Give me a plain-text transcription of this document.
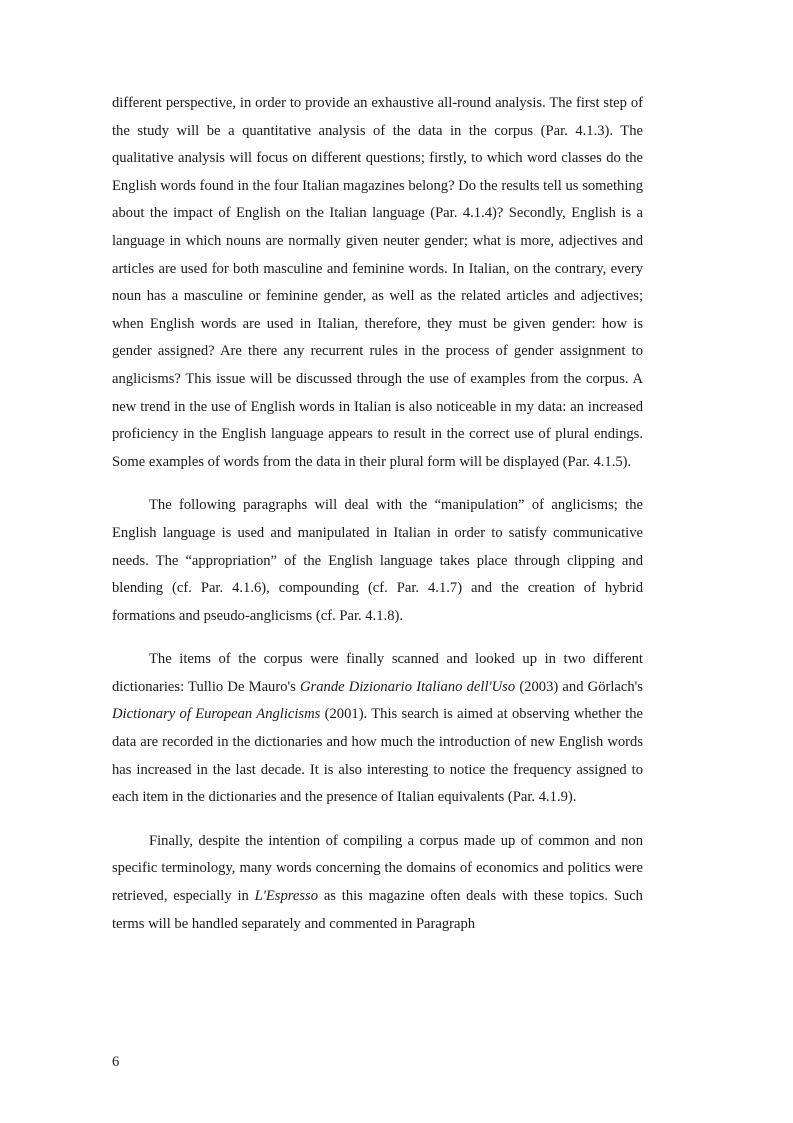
different perspective, in order to provide an exhaustive all-round analysis. The first step of the study will be a quantitative analysis of the data in the corpus (Par. 4.1.3). The qualitative analysis will focus on different questions; firstly, to which word classes do the English words found in the four Italian magazines belong? Do the results tell us something about the impact of English on the Italian language (Par. 4.1.4)? Secondly, English is a language in which nouns are normally given neuter gender; what is more, adjectives and articles are used for both masculine and feminine words. In Italian, on the contrary, every noun has a masculine or feminine gender, as well as the related articles and adjectives; when English words are used in Italian, therefore, they must be given gender: how is gender assigned? Are there any recurrent rules in the process of gender assignment to anglicisms? This issue will be discussed through the use of examples from the corpus. A new trend in the use of English words in Italian is also noticeable in my data: an increased proficiency in the English language appears to result in the correct use of plural endings. Some examples of words from the data in their plural form will be displayed (Par. 4.1.5).

The following paragraphs will deal with the “manipulation” of anglicisms; the English language is used and manipulated in Italian in order to satisfy communicative needs. The “appropriation” of the English language takes place through clipping and blending (cf. Par. 4.1.6), compounding (cf. Par. 4.1.7) and the creation of hybrid formations and pseudo-anglicisms (cf. Par. 4.1.8).

The items of the corpus were finally scanned and looked up in two different dictionaries: Tullio De Mauro's Grande Dizionario Italiano dell'Uso (2003) and Görlach's Dictionary of European Anglicisms (2001). This search is aimed at observing whether the data are recorded in the dictionaries and how much the introduction of new English words has increased in the last decade. It is also interesting to notice the frequency assigned to each item in the dictionaries and the presence of Italian equivalents (Par. 4.1.9).

Finally, despite the intention of compiling a corpus made up of common and non specific terminology, many words concerning the domains of economics and politics were retrieved, especially in L'Espresso as this magazine often deals with these topics. Such terms will be handled separately and commented in Paragraph

6
